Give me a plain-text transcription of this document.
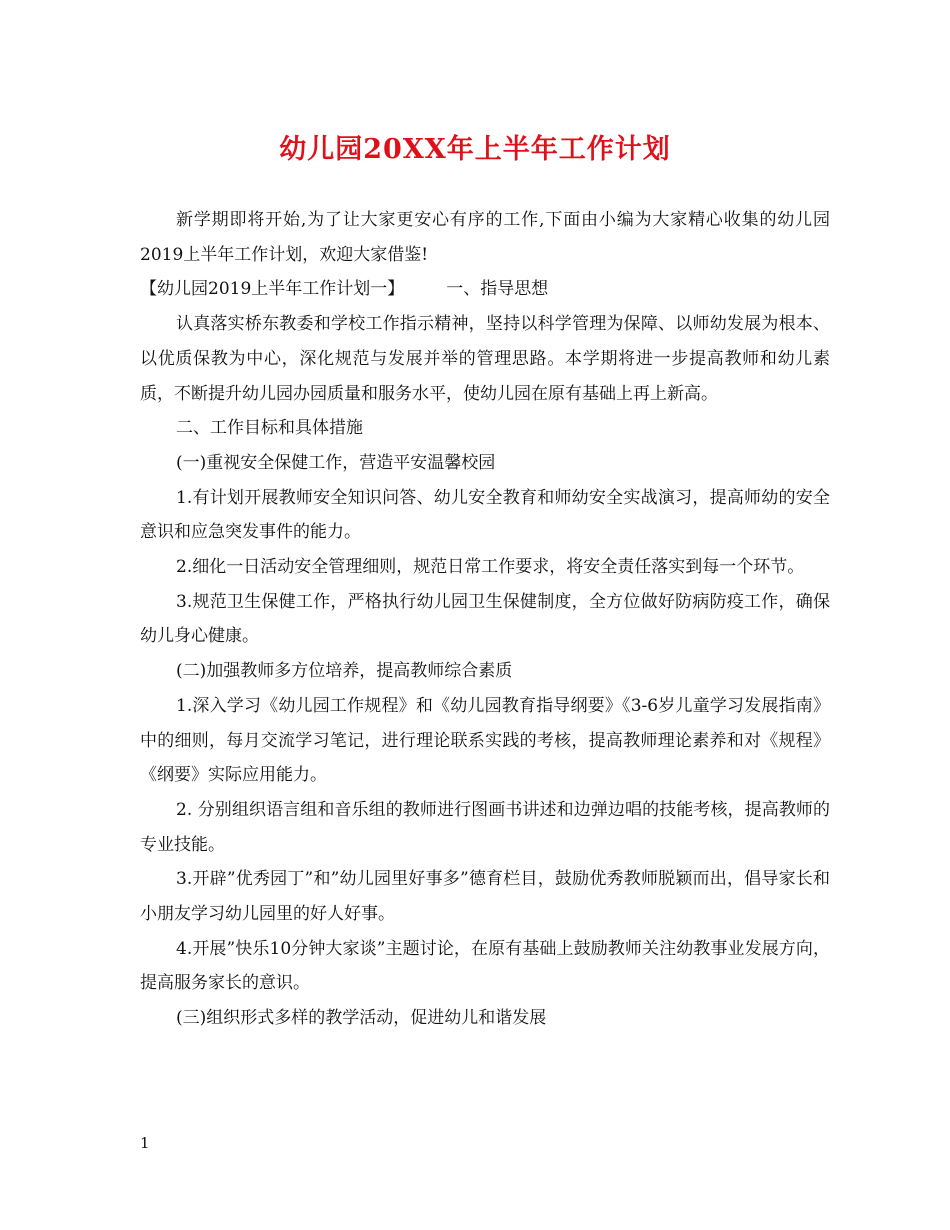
幼儿园20XX年上半年工作计划

新学期即将开始,为了让大家更安心有序的工作,下面由小编为大家精心收集的幼儿园2019上半年工作计划，欢迎大家借鉴!

【幼儿园2019上半年工作计划一】 一、指导思想

认真落实桥东教委和学校工作指示精神，坚持以科学管理为保障、以师幼发展为根本、以优质保教为中心，深化规范与发展并举的管理思路。本学期将进一步提高教师和幼儿素质，不断提升幼儿园办园质量和服务水平，使幼儿园在原有基础上再上新高。

二、工作目标和具体措施

(一)重视安全保健工作，营造平安温馨校园

1.有计划开展教师安全知识问答、幼儿安全教育和师幼安全实战演习，提高师幼的安全意识和应急突发事件的能力。

2.细化一日活动安全管理细则，规范日常工作要求，将安全责任落实到每一个环节。

3.规范卫生保健工作，严格执行幼儿园卫生保健制度，全方位做好防病防疫工作，确保幼儿身心健康。

(二)加强教师多方位培养，提高教师综合素质

1.深入学习《幼儿园工作规程》和《幼儿园教育指导纲要》《3-6岁儿童学习发展指南》中的细则，每月交流学习笔记，进行理论联系实践的考核，提高教师理论素养和对《规程》《纲要》实际应用能力。

2. 分别组织语言组和音乐组的教师进行图画书讲述和边弹边唱的技能考核，提高教师的专业技能。

3.开辟”优秀园丁”和”幼儿园里好事多”德育栏目，鼓励优秀教师脱颖而出，倡导家长和小朋友学习幼儿园里的好人好事。

4.开展”快乐10分钟大家谈”主题讨论，在原有基础上鼓励教师关注幼教事业发展方向，提高服务家长的意识。

(三)组织形式多样的教学活动，促进幼儿和谐发展

1
